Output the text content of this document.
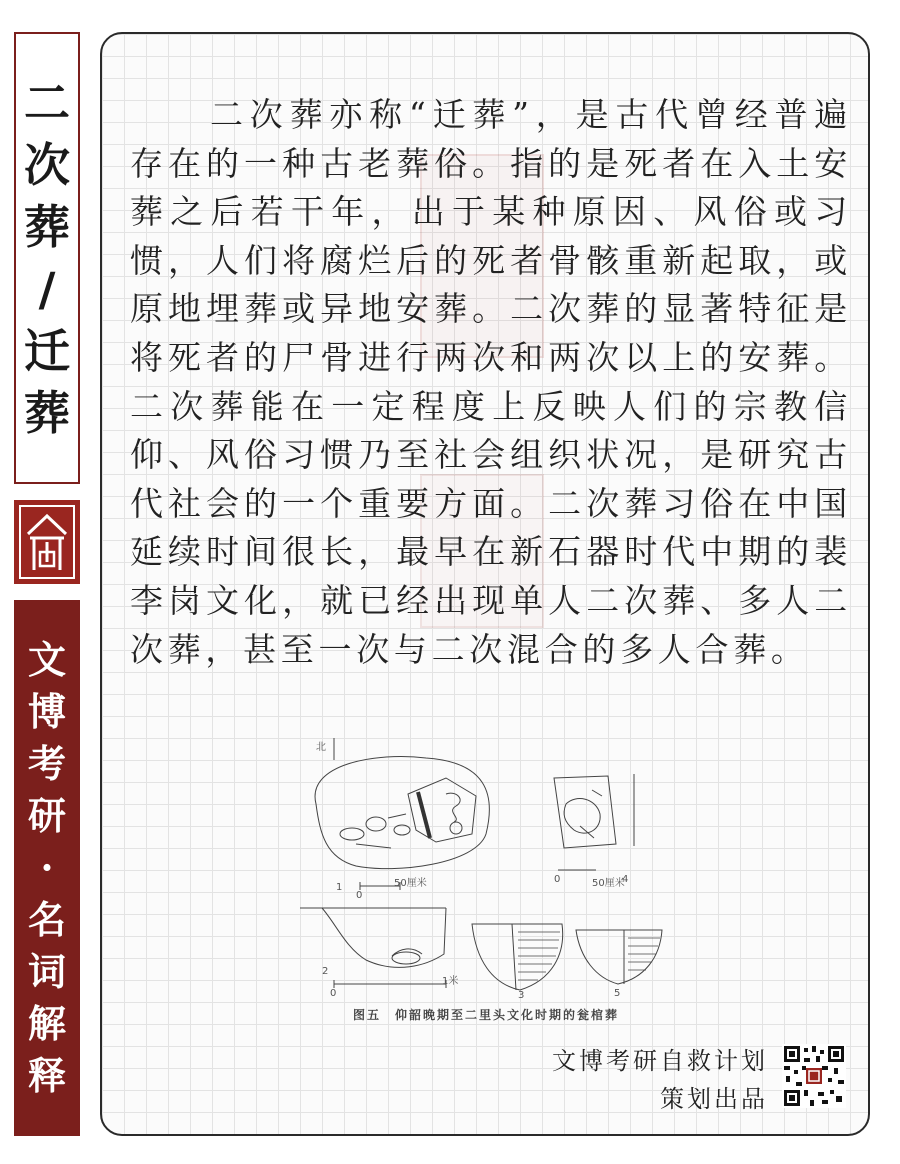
二
次
葬
/
迁
葬
文
博
考
研
·
名
词
解
释

二次葬亦称“迁葬”，是古代曾经普遍存在的一种古老葬俗。指的是死者在入土安葬之后若干年，出于某种原因、风俗或习惯，人们将腐烂后的死者骨骸重新起取，或原地埋葬或异地安葬。二次葬的显著特征是将死者的尸骨进行两次和两次以上的安葬。二次葬能在一定程度上反映人们的宗教信仰、风俗习惯乃至社会组织状况，是研究古代社会的一个重要方面。二次葬习俗在中国延续时间很长，最早在新石器时代中期的裴李岗文化，就已经出现单人二次葬、多人二次葬，甚至一次与二次混合的多人合葬。

北
1
0
50厘米	4
0	50厘米
2
0
1米
3	5
图五　仰韶晚期至二里头文化时期的瓮棺葬
文博考研自救计划
策划出品
